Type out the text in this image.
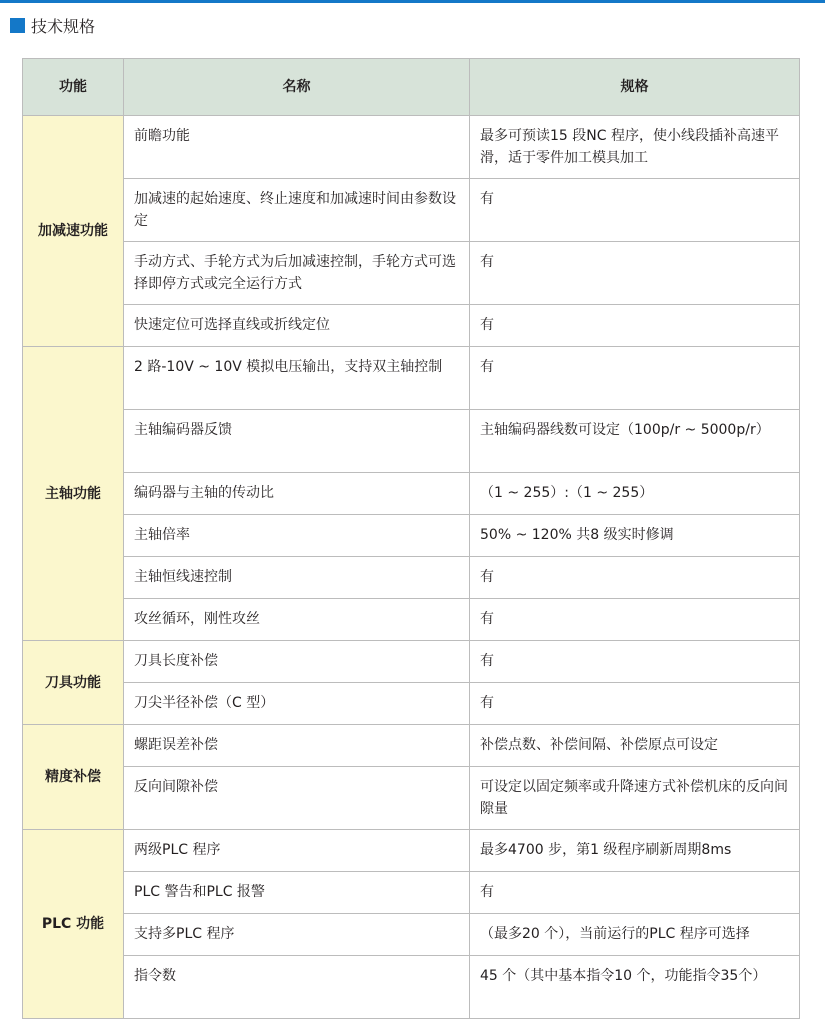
技术规格
功能	名称	规格
加减速功能	前瞻功能	最多可预读15 段NC 程序，使小线段插补高速平滑，适于零件加工模具加工
	加减速的起始速度、终止速度和加减速时间由参数设定	有
	手动方式、手轮方式为后加减速控制，手轮方式可选择即停方式或完全运行方式	有
	快速定位可选择直线或折线定位	有
主轴功能	2 路-10V ~ 10V 模拟电压输出，支持双主轴控制	有
	主轴编码器反馈	主轴编码器线数可设定（100p/r ~ 5000p/r）
	编码器与主轴的传动比	（1 ~ 255）:（1 ~ 255）
	主轴倍率	50% ~ 120% 共8 级实时修调
	主轴恒线速控制	有
	攻丝循环，刚性攻丝	有
刀具功能	刀具长度补偿	有
	刀尖半径补偿（C 型）	有
精度补偿	螺距误差补偿	补偿点数、补偿间隔、补偿原点可设定
	反向间隙补偿	可设定以固定频率或升降速方式补偿机床的反向间隙量
PLC 功能	两级PLC 程序	最多4700 步，第1 级程序刷新周期8ms
	PLC 警告和PLC 报警	有
	支持多PLC 程序	（最多20 个），当前运行的PLC 程序可选择
	指令数	45 个（其中基本指令10 个，功能指令35个）
